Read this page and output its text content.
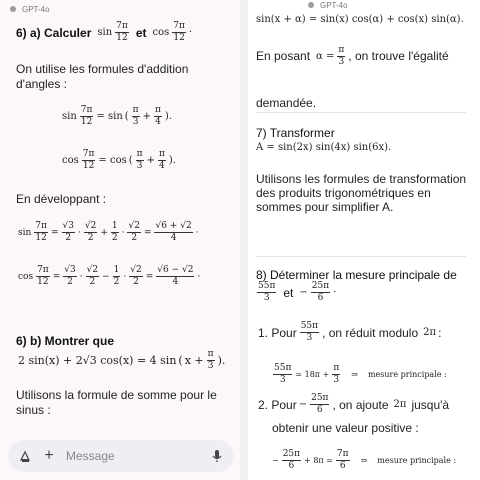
GPT-4o
6) a) Calculer $\sin \frac{7\pi}{12}$ et $\cos \frac{7\pi}{12}$ ·
On utilise les formules d'addition d'angles :
$\sin \frac{7\pi}{12} = \sin$ ( $\frac{\pi}{3} + \frac{\pi}{4}$ ).
$\cos \frac{7\pi}{12} = \cos$ ( $\frac{\pi}{3} + \frac{\pi}{4}$ ).
En développant :
$\sin \frac{7\pi}{12} = \frac{√3}{2} \cdot \frac{√2}{2} + \frac{1}{2} \cdot \frac{√2}{2} = \frac{√6 + √2}{4}$ ·
$\cos \frac{7\pi}{12} = \frac{√3}{2} \cdot \frac{√2}{2} - \frac{1}{2} \cdot \frac{√2}{2} = \frac{√6 - √2}{4}$ ·
6) b) Montrer que
2 sin(x) + 2√3 cos(x) = 4 sin ( $x + \frac{\pi}{3}$ ).
Utilisons la formule de somme pour le sinus :
+ Message
GPT-4o
sin(x + α) = sin(x) cos(α) + cos(x) sin(α).
En posant $\alpha = \frac{\pi}{3}$ , on trouve l'égalité
demandée.
7) Transformer
A = sin(2x) sin(4x) sin(6x).
Utilisons les formules de transformation des produits trigonométriques en sommes pour simplifier A.
8) Déterminer la mesure principale de
$\frac{55\pi}{3}$ et − $\frac{25\pi}{6}$ ·
1. Pour $\frac{55\pi}{3}$ , on réduit modulo 2π :
$\frac{55\pi}{3} = 18\pi + \frac{\pi}{3}$ ⇒ mesure principale :
2. Pour − $\frac{25\pi}{6}$ , on ajoute 2π jusqu'à
obtenir une valeur positive :
− $\frac{25\pi}{6} + 8\pi = \frac{7\pi}{6}$ ⇒ mesure principale :
